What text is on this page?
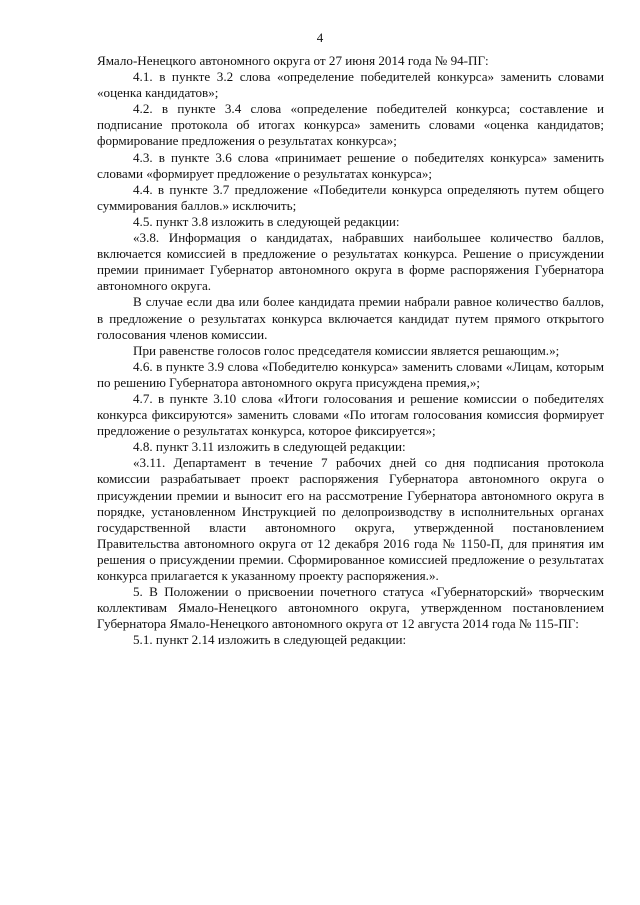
4

Ямало-Ненецкого автономного округа от 27 июня 2014 года № 94-ПГ:

4.1. в пункте 3.2 слова «определение победителей конкурса» заменить словами «оценка кандидатов»;

4.2. в пункте 3.4 слова «определение победителей конкурса; составление и подписание протокола об итогах конкурса» заменить словами «оценка кандидатов; формирование предложения о результатах конкурса»;

4.3. в пункте 3.6 слова «принимает решение о победителях конкурса» заменить словами «формирует предложение о результатах конкурса»;

4.4. в пункте 3.7 предложение «Победители конкурса определяють путем общего суммирования баллов.» исключить;

4.5. пункт 3.8 изложить в следующей редакции:

«3.8. Информация о кандидатах, набравших наибольшее количество баллов, включается комиссией в предложение о результатах конкурса. Решение о присуждении премии принимает Губернатор автономного округа в форме распоряжения Губернатора автономного округа.

В случае если два или более кандидата премии набрали равное количество баллов, в предложение о результатах конкурса включается кандидат путем прямого открытого голосования членов комиссии.

При равенстве голосов голос председателя комиссии является решающим.»;

4.6. в пункте 3.9 слова «Победителю конкурса» заменить словами «Лицам, которым по решению Губернатора автономного округа присуждена премия,»;

4.7. в пункте 3.10 слова «Итоги голосования и решение комиссии о победителях конкурса фиксируются» заменить словами «По итогам голосования комиссия формирует предложение о результатах конкурса, которое фиксируется»;

4.8. пункт 3.11 изложить в следующей редакции:

«3.11. Департамент в течение 7 рабочих дней со дня подписания протокола комиссии разрабатывает проект распоряжения Губернатора автономного округа о присуждении премии и выносит его на рассмотрение Губернатора автономного округа в порядке, установленном Инструкцией по делопроизводству в исполнительных органах государственной власти автономного округа, утвержденной постановлением Правительства автономного округа от 12 декабря 2016 года № 1150-П, для принятия им решения о присуждении премии. Сформированное комиссией предложение о результатах конкурса прилагается к указанному проекту распоряжения.».

5. В Положении о присвоении почетного статуса «Губернаторский» творческим коллективам Ямало-Ненецкого автономного округа, утвержденном постановлением Губернатора Ямало-Ненецкого автономного округа от 12 августа 2014 года № 115-ПГ:

5.1. пункт 2.14 изложить в следующей редакции:
